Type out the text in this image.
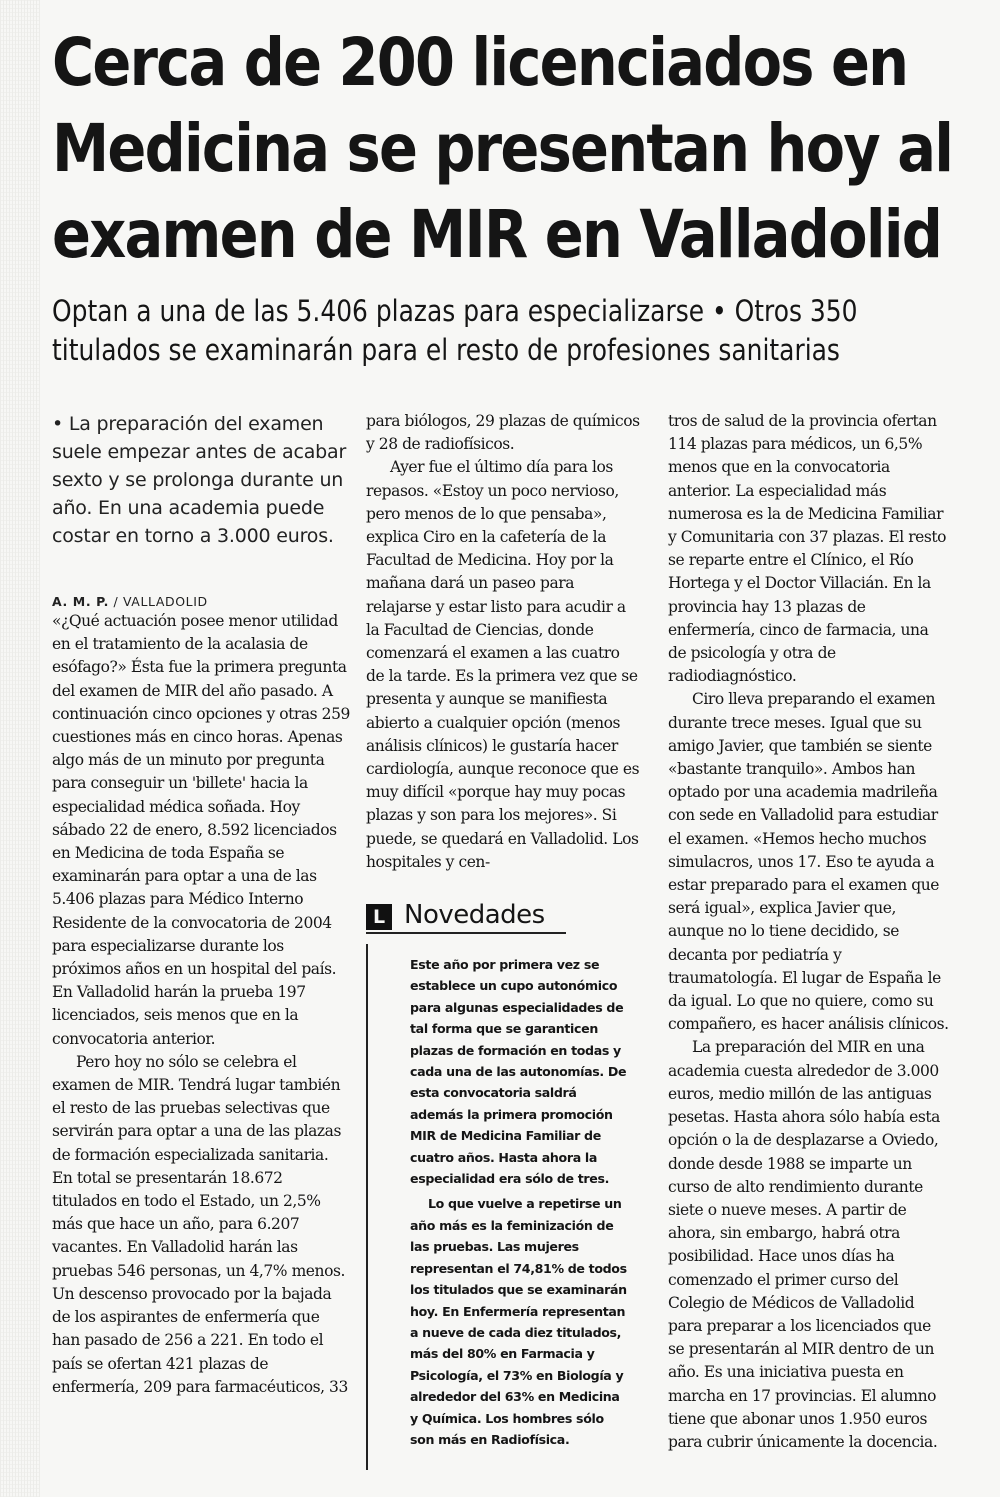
Cerca de 200 licenciados en
Medicina se presentan hoy al
examen de MIR en Valladolid
Optan a una de las 5.406 plazas para especializarse • Otros 350
titulados se examinarán para el resto de profesiones sanitarias

• La preparación del examen suele empezar antes de acabar sexto y se prolonga durante un año. En una academia puede costar en torno a 3.000 euros.

A. M. P. / VALLADOLID

«¿Qué actuación posee menor utilidad en el tratamiento de la acalasia de esófago?» Ésta fue la primera pregunta del examen de MIR del año pasado. A continuación cinco opciones y otras 259 cuestiones más en cinco horas. Apenas algo más de un minuto por pregunta para conseguir un 'billete' hacia la especialidad médica soñada. Hoy sábado 22 de enero, 8.592 licenciados en Medicina de toda España se examinarán para optar a una de las 5.406 plazas para Médico Interno Residente de la convocatoria de 2004 para especializarse durante los próximos años en un hospital del país. En Valladolid harán la prueba 197 licenciados, seis menos que en la convocatoria anterior.

Pero hoy no sólo se celebra el examen de MIR. Tendrá lugar también el resto de las pruebas selectivas que servirán para optar a una de las plazas de formación especializada sanitaria. En total se presentarán 18.672 titulados en todo el Estado, un 2,5% más que hace un año, para 6.207 vacantes. En Valladolid harán las pruebas 546 personas, un 4,7% menos. Un descenso provocado por la bajada de los aspirantes de enfermería que han pasado de 256 a 221. En todo el país se ofertan 421 plazas de enfermería, 209 para farmacéuticos, 33

para biólogos, 29 plazas de químicos y 28 de radiofísicos.

Ayer fue el último día para los repasos. «Estoy un poco nervioso, pero menos de lo que pensaba», explica Ciro en la cafetería de la Facultad de Medicina. Hoy por la mañana dará un paseo para relajarse y estar listo para acudir a la Facultad de Ciencias, donde comenzará el examen a las cuatro de la tarde. Es la primera vez que se presenta y aunque se manifiesta abierto a cualquier opción (menos análisis clínicos) le gustaría hacer cardiología, aunque reconoce que es muy difícil «porque hay muy pocas plazas y son para los mejores». Si puede, se quedará en Valladolid. Los hospitales y cen-

L Novedades

Este año por primera vez se establece un cupo autonómico para algunas especialidades de tal forma que se garanticen plazas de formación en todas y cada una de las autonomías. De esta convocatoria saldrá además la primera promoción MIR de Medicina Familiar de cuatro años. Hasta ahora la especialidad era sólo de tres.

Lo que vuelve a repetirse un año más es la feminización de las pruebas. Las mujeres representan el 74,81% de todos los titulados que se examinarán hoy. En Enfermería representan a nueve de cada diez titulados, más del 80% en Farmacia y Psicología, el 73% en Biología y alrededor del 63% en Medicina y Química. Los hombres sólo son más en Radiofísica.

tros de salud de la provincia ofertan 114 plazas para médicos, un 6,5% menos que en la convocatoria anterior. La especialidad más numerosa es la de Medicina Familiar y Comunitaria con 37 plazas. El resto se reparte entre el Clínico, el Río Hortega y el Doctor Villacián. En la provincia hay 13 plazas de enfermería, cinco de farmacia, una de psicología y otra de radiodiagnóstico.

Ciro lleva preparando el examen durante trece meses. Igual que su amigo Javier, que también se siente «bastante tranquilo». Ambos han optado por una academia madrileña con sede en Valladolid para estudiar el examen. «Hemos hecho muchos simulacros, unos 17. Eso te ayuda a estar preparado para el examen que será igual», explica Javier que, aunque no lo tiene decidido, se decanta por pediatría y traumatología. El lugar de España le da igual. Lo que no quiere, como su compañero, es hacer análisis clínicos.

La preparación del MIR en una academia cuesta alrededor de 3.000 euros, medio millón de las antiguas pesetas. Hasta ahora sólo había esta opción o la de desplazarse a Oviedo, donde desde 1988 se imparte un curso de alto rendimiento durante siete o nueve meses. A partir de ahora, sin embargo, habrá otra posibilidad. Hace unos días ha comenzado el primer curso del Colegio de Médicos de Valladolid para preparar a los licenciados que se presentarán al MIR dentro de un año. Es una iniciativa puesta en marcha en 17 provincias. El alumno tiene que abonar unos 1.950 euros para cubrir únicamente la docencia.
